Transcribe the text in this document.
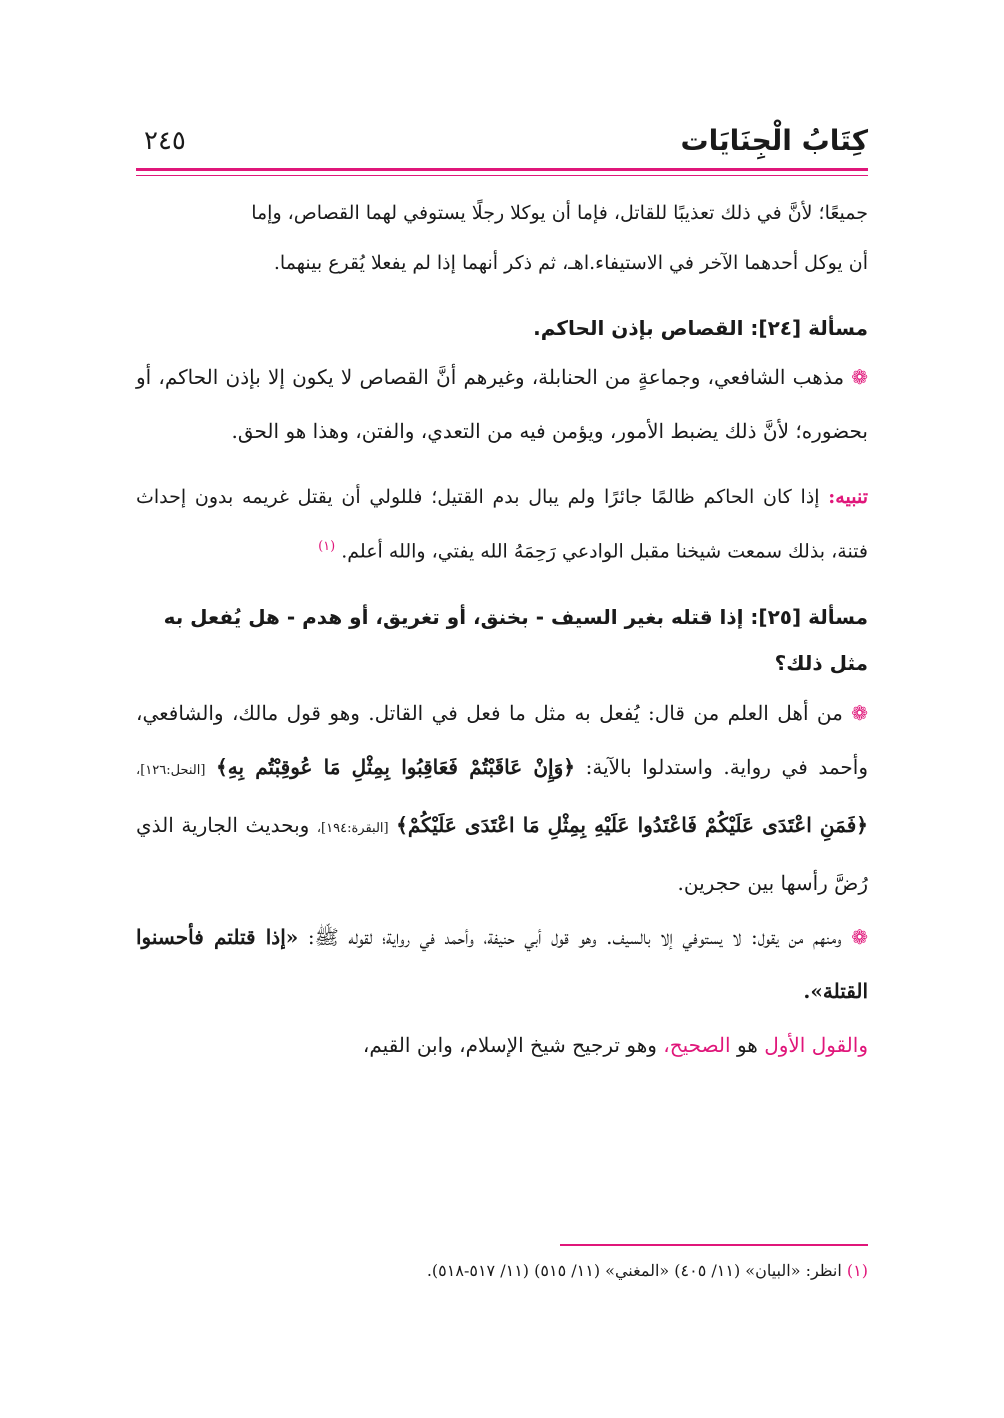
كِتَابُ الْجِنَايَات
٢٤٥

جميعًا؛ لأنَّ في ذلك تعذيبًا للقاتل، فإما أن يوكلا رجلًا يستوفي لهما القصاص، وإما

أن يوكل أحدهما الآخر في الاستيفاء.اهـ، ثم ذكر أنهما إذا لم يفعلا يُقرع بينهما.

مسألة [٢٤]: القصاص بإذن الحاكم.

❁ مذهب الشافعي، وجماعةٍ من الحنابلة، وغيرهم أنَّ القصاص لا يكون إلا بإذن الحاكم، أو بحضوره؛ لأنَّ ذلك يضبط الأمور، ويؤمن فيه من التعدي، والفتن، وهذا هو الحق.

تنبيه: إذا كان الحاكم ظالمًا جائرًا ولم يبال بدم القتيل؛ فللولي أن يقتل غريمه بدون إحداث فتنة، بذلك سمعت شيخنا مقبل الوادعي رَحِمَهُ الله يفتي، والله أعلم. $^{(١)}$

مسألة [٢٥]: إذا قتله بغير السيف - بخنق، أو تغريق، أو هدم - هل يُفعل به مثل ذلك؟

❁ من أهل العلم من قال: يُفعل به مثل ما فعل في القاتل. وهو قول مالك، والشافعي، وأحمد في رواية. واستدلوا بالآية: ﴿وَإِنْ عَاقَبْتُمْ فَعَاقِبُوا بِمِثْلِ مَا عُوقِبْتُم بِهِ﴾ [النحل:١٢٦]، ﴿فَمَنِ اعْتَدَى عَلَيْكُمْ فَاعْتَدُوا عَلَيْهِ بِمِثْلِ مَا اعْتَدَى عَلَيْكُمْ﴾ [البقرة:١٩٤]، وبحديث الجارية الذي رُضَّ رأسها بين حجرين.

❁ ومنهم من يقول: لا يستوفي إلا بالسيف. وهو قول أبي حنيفة، وأحمد في رواية؛ لقوله ﷺ: «إذا قتلتم فأحسنوا القتلة».

والقول الأول هو الصحيح، وهو ترجيح شيخ الإسلام، وابن القيم،

(١) انظر: «البيان» (١١/ ٤٠٥) «المغني» (١١/ ٥١٥) (١١/ ٥١٧-٥١٨).
